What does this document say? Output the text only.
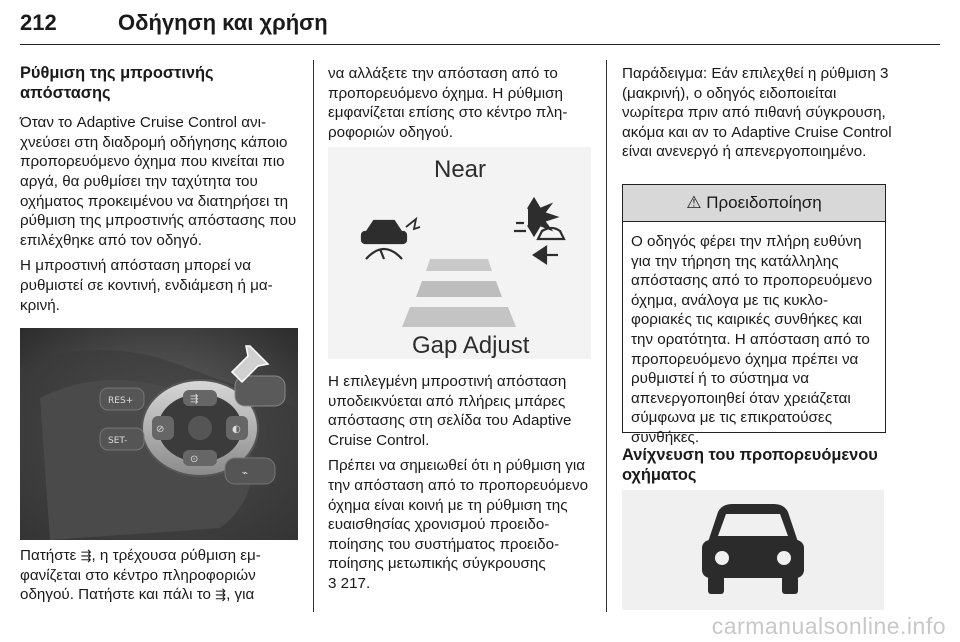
212	Οδήγηση και χρήση
Ρύθμιση της μπροστινής απόστασης

Όταν το Adaptive Cruise Control ανιχνεύσει στη διαδρομή οδήγησης κάποιο προπορευόμενο όχημα που κινείται πιο αργά, θα ρυθμίσει την ταχύτητα του οχήματος προκειμένου να διατηρήσει τη ρύθμιση της μπροστινής απόστασης που επιλέχθηκε από τον οδηγό.

Η μπροστινή απόσταση μπορεί να ρυθμιστεί σε κοντινή, ενδιάμεση ή μακρινή.

⇶
◐
⊘
⊙
RES+
SET-
⌁

Πατήστε ⇶, η τρέχουσα ρύθμιση εμφανίζεται στο κέντρο πληροφοριών οδηγού. Πατήστε και πάλι το ⇶, για

να αλλάξετε την απόσταση από το προπορευόμενο όχημα. Η ρύθμιση εμφανίζεται επίσης στο κέντρο πληροφοριών οδηγού.

Near
Gap Adjust

Η επιλεγμένη μπροστινή απόσταση υποδεικνύεται από πλήρεις μπάρες απόστασης στη σελίδα του Adaptive Cruise Control.

Πρέπει να σημειωθεί ότι η ρύθμιση για την απόσταση από το προπορευόμενο όχημα είναι κοινή με τη ρύθμιση της ευαισθησίας χρονισμού προειδοποίησης του συστήματος προειδοποίησης μετωπικής σύγκρουσης

3 217.

Παράδειγμα: Εάν επιλεχθεί η ρύθμιση 3 (μακρινή), ο οδηγός ειδοποιείται νωρίτερα πριν από πιθανή σύγκρουση, ακόμα και αν το Adaptive Cruise Control είναι ανενεργό ή απενεργοποιημένο.

⚠ Προειδοποίηση
Ο οδηγός φέρει την πλήρη ευθύνη για την τήρηση της κατάλληλης απόστασης από το προπορευόμενο όχημα, ανάλογα με τις κυκλοφοριακές τις καιρικές συνθήκες και την ορατότητα. Η απόσταση από το προπορευόμενο όχημα πρέπει να ρυθμιστεί ή το σύστημα να απενεργοποιηθεί όταν χρειάζεται σύμφωνα με τις επικρατούσες συνθήκες.
Ανίχνευση του προπορευόμενου οχήματος
carmanualsonline.info
